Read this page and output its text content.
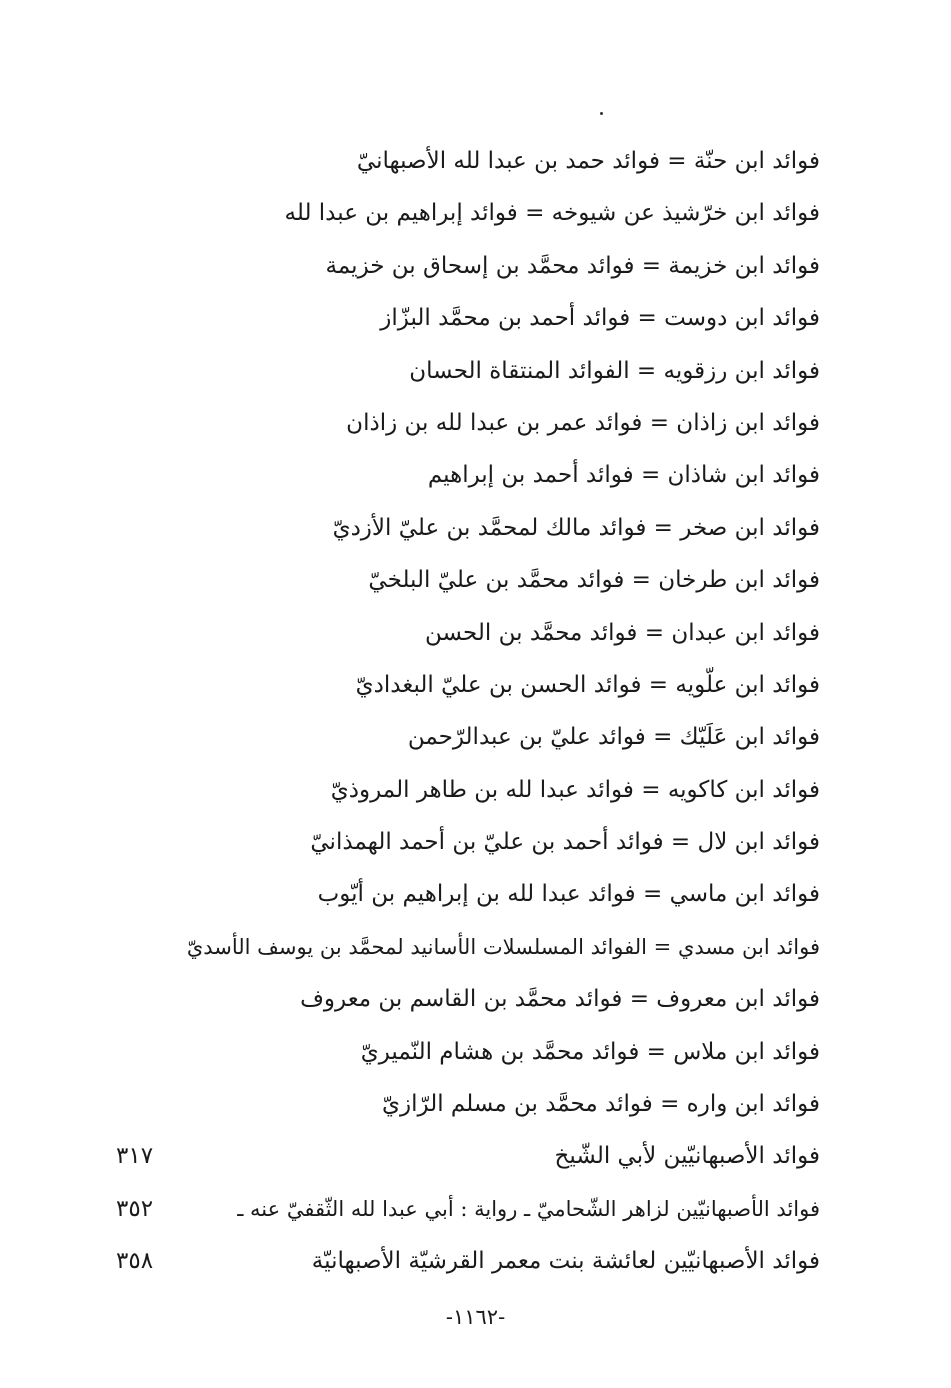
فوائد ابن حنّة = فوائد حمد بن عبدا لله الأصبهانيّ
فوائد ابن خرّشيذ عن شيوخه = فوائد إبراهيم بن عبدا لله
فوائد ابن خزيمة = فوائد محمَّد بن إسحاق بن خزيمة
فوائد ابن دوست = فوائد أحمد بن محمَّد البزّاز
فوائد ابن رزقويه = الفوائد المنتقاة الحسان
فوائد ابن زاذان = فوائد عمر بن عبدا لله بن زاذان
فوائد ابن شاذان = فوائد أحمد بن إبراهيم
فوائد ابن صخر = فوائد مالك لمحمَّد بن عليّ الأزديّ
فوائد ابن طرخان = فوائد محمَّد بن عليّ البلخيّ
فوائد ابن عبدان = فوائد محمَّد بن الحسن
فوائد ابن علّويه = فوائد الحسن بن عليّ البغداديّ
فوائد ابن عَلَيّك = فوائد عليّ بن عبدالرّحمن
فوائد ابن كاكويه = فوائد عبدا لله بن طاهر المروذيّ
فوائد ابن لال = فوائد أحمد بن عليّ بن أحمد الهمذانيّ
فوائد ابن ماسي = فوائد عبدا لله بن إبراهيم بن أيّوب
فوائد ابن مسدي = الفوائد المسلسلات الأسانيد لمحمَّد بن يوسف الأسديّ
فوائد ابن معروف = فوائد محمَّد بن القاسم بن معروف
فوائد ابن ملاس = فوائد محمَّد بن هشام النّميريّ
فوائد ابن واره = فوائد محمَّد بن مسلم الرّازيّ
فوائد الأصبهانيّين لأبي الشّيخ
٣١٧
فوائد الأصبهانيّين لزاهر الشّحاميّ ـ رواية : أبي عبدا لله الثّقفيّ عنه ـ
٣٥٢
فوائد الأصبهانيّين لعائشة بنت معمر القرشيّة الأصبهانيّة
٣٥٨
-١١٦٢-
